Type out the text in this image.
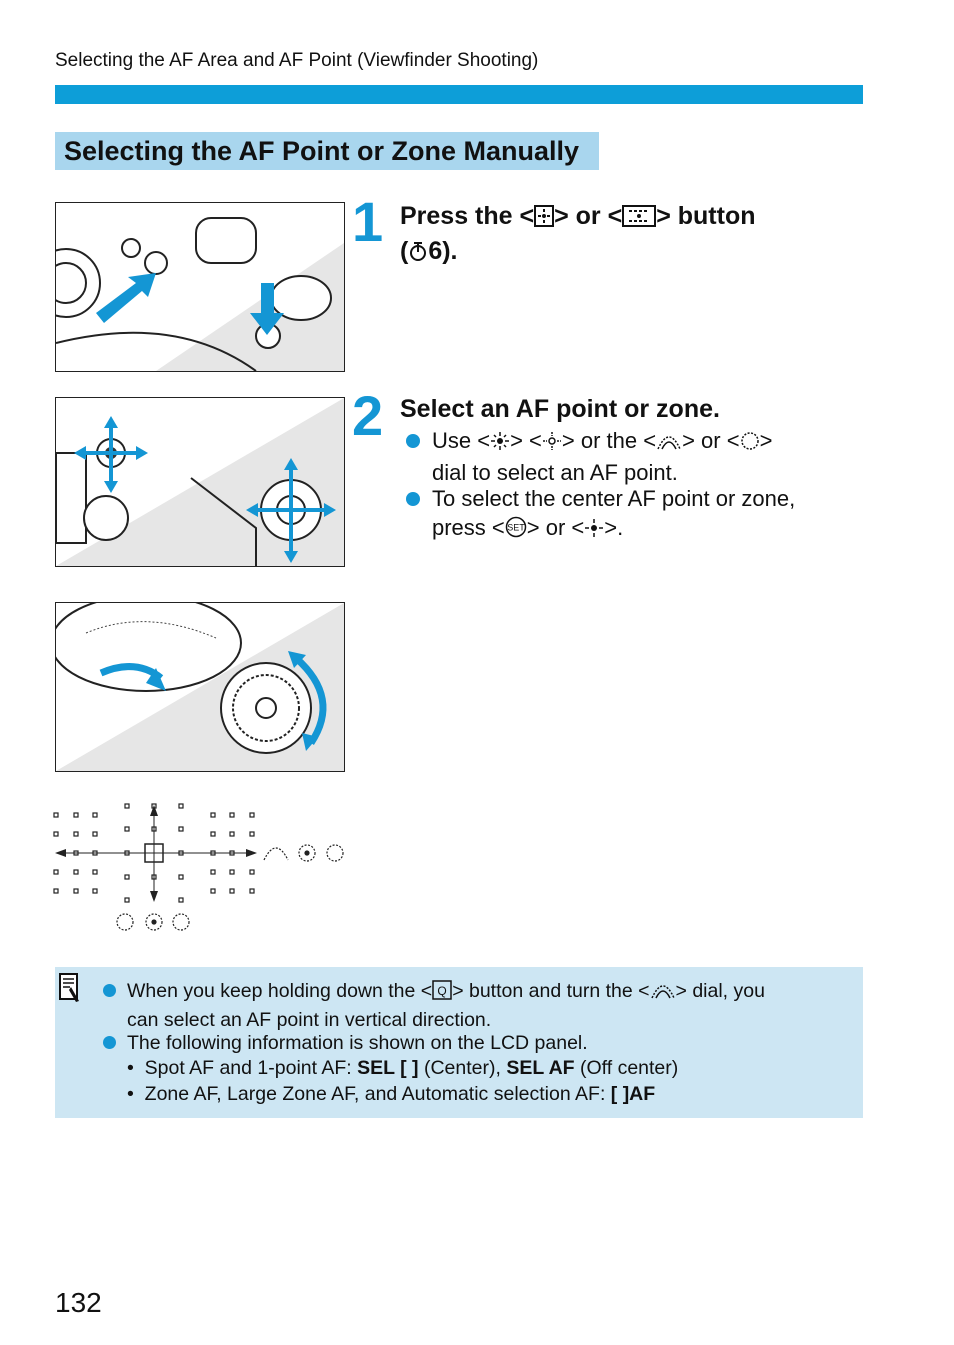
Selecting the AF Area and AF Point (Viewfinder Shooting)
Selecting the AF Point or Zone Manually
1 Press the < > or < > button
( 6).
2 Select an AF point or zone.
Use < > < > or the < > or < >
dial to select an AF point.
To select the center AF point or zone,
press < SET > or < >.
When you keep holding down the < Q > button and turn the < > dial, you
can select an AF point in vertical direction.
The following information is shown on the LCD panel.
•  Spot AF and 1-point AF: SEL [ ] (Center), SEL AF (Off center)
•  Zone AF, Large Zone AF, and Automatic selection AF: [ ]AF
132
